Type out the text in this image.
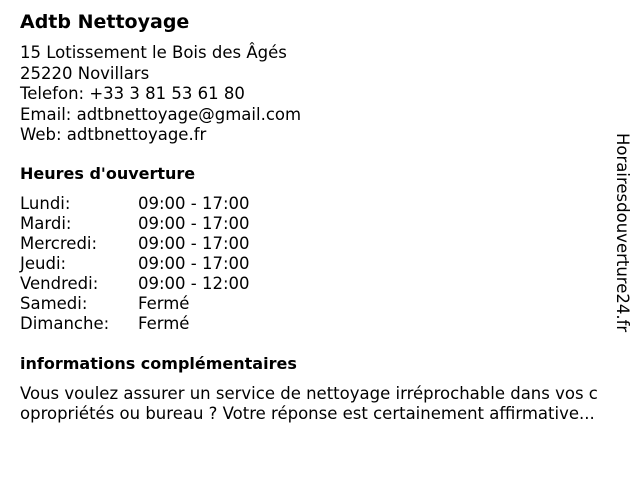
Adtb Nettoyage
15 Lotissement le Bois des Âgés
25220 Novillars
Telefon: +33 3 81 53 61 80
Email: adtbnettoyage@gmail.com
Web: adtbnettoyage.fr
Heures d'ouverture
Lundi:	09:00 - 17:00
Mardi:	09:00 - 17:00
Mercredi: 09:00 - 17:00
Jeudi:	09:00 - 17:00
Vendredi: 09:00 - 12:00
Samedi:	Fermé
Dimanche: Fermé
informations complémentaires
Vous voulez assurer un service de nettoyage irréprochable dans vos c
opropriétés ou bureau ? Votre réponse est certainement affirmative...
Horairesdouverture24.fr
